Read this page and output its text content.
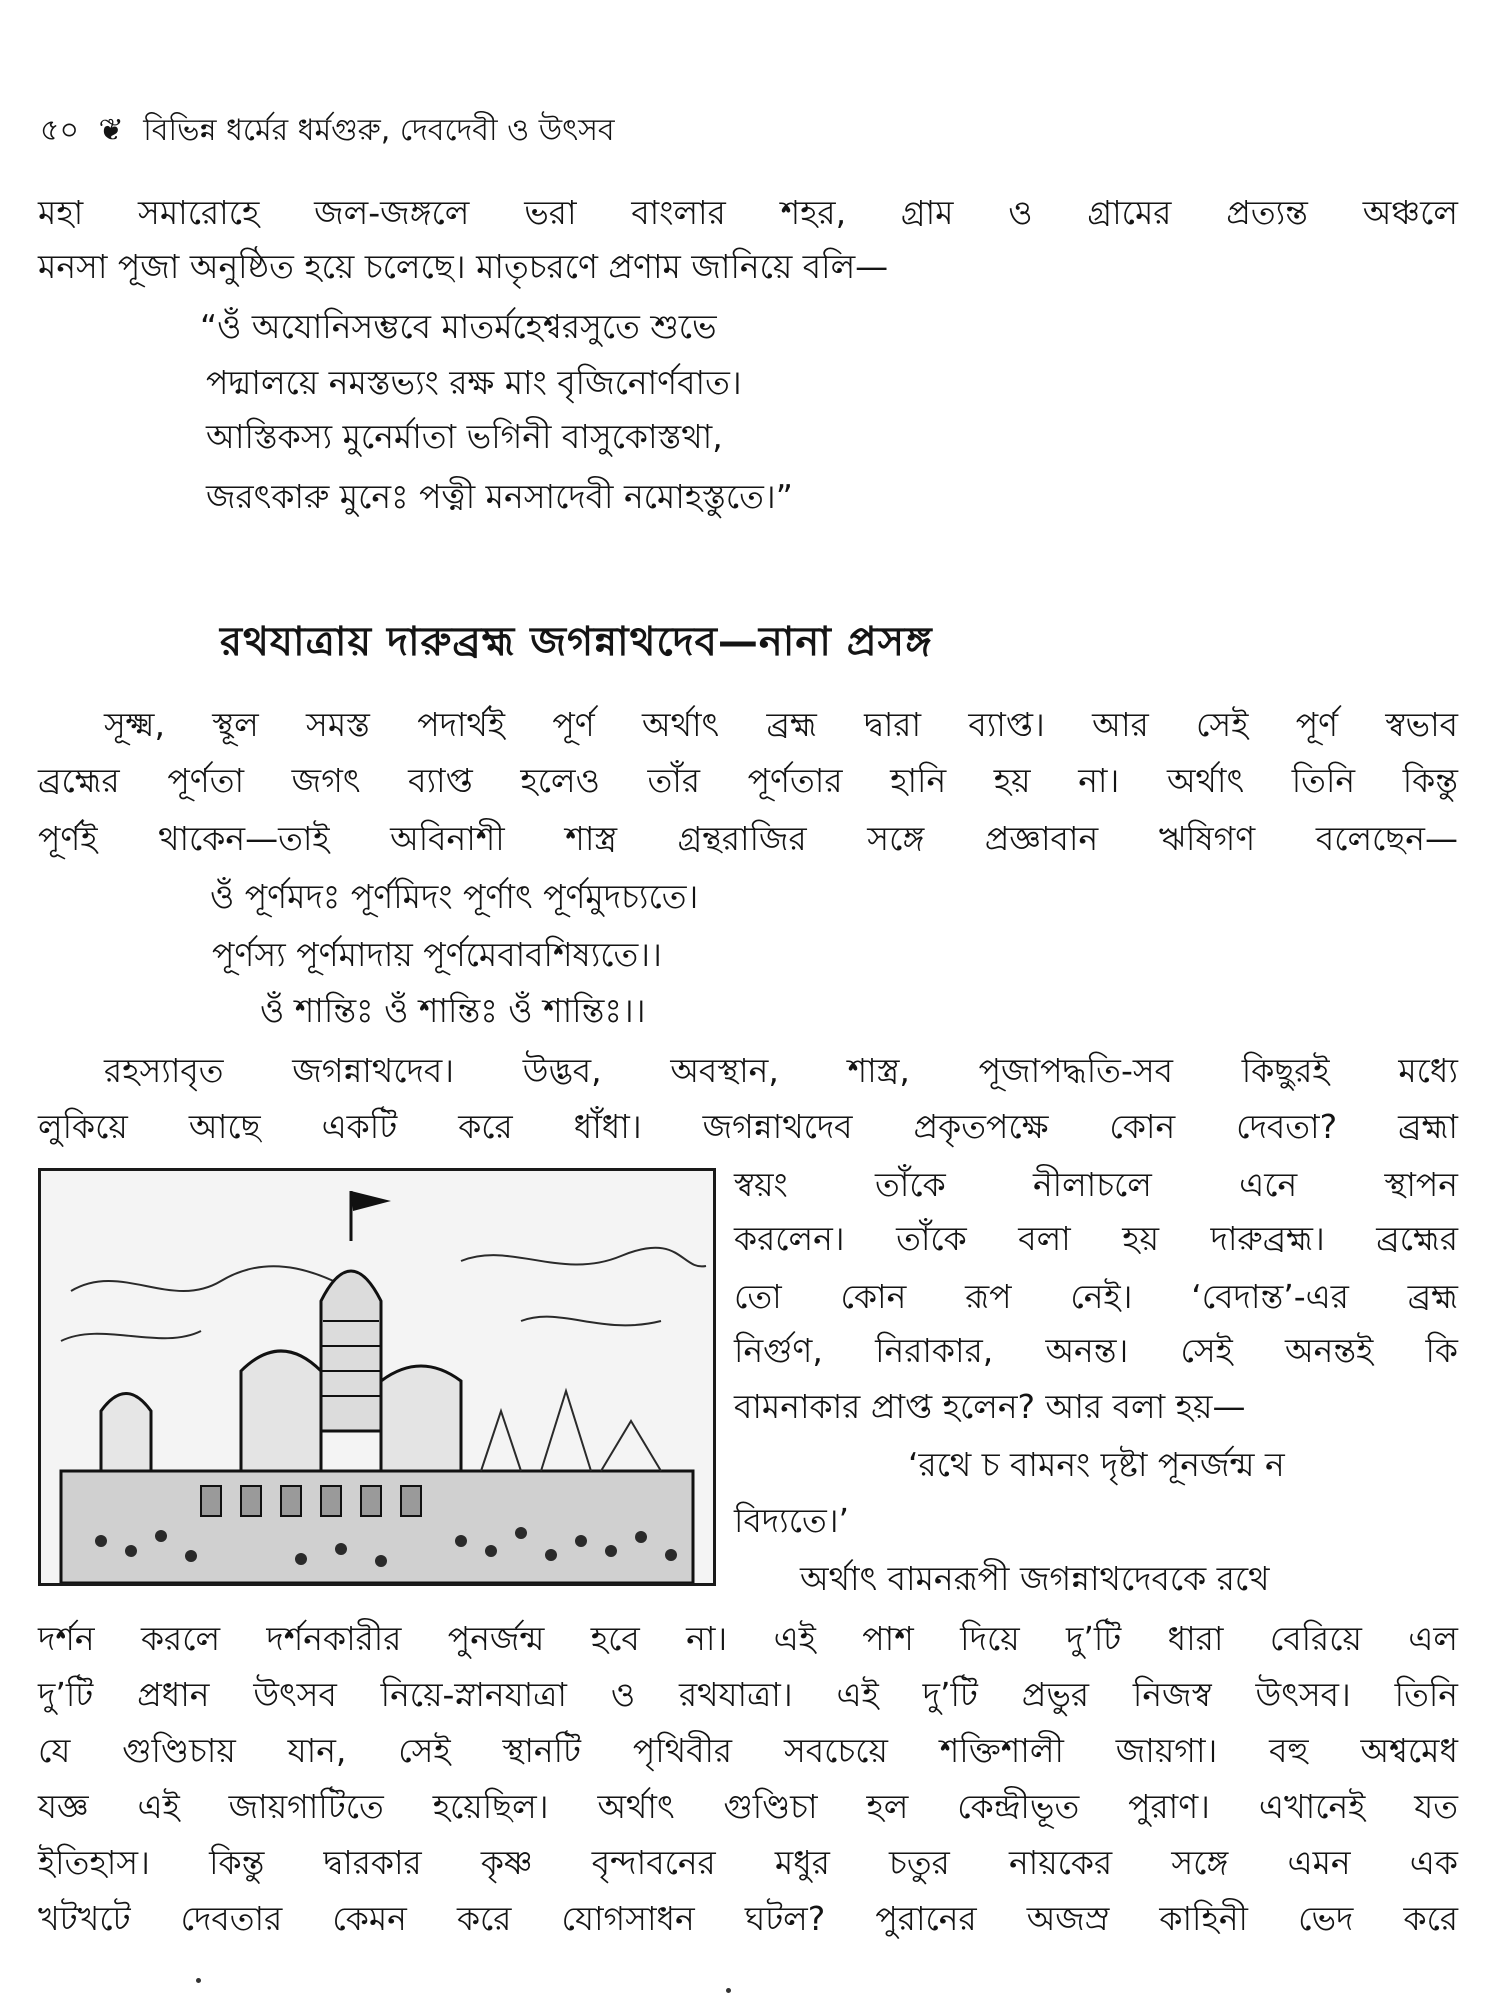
৫০ ❦ বিভিন্ন ধর্মের ধর্মগুরু, দেবদেবী ও উৎসব
মহা সমারোহে জল-জঙ্গলে ভরা বাংলার শহর, গ্রাম ও গ্রামের প্রত্যন্ত অঞ্চলে
মনসা পূজা অনুষ্ঠিত হয়ে চলেছে। মাতৃচরণে প্রণাম জানিয়ে বলি—
“ওঁ অযোনিসম্ভবে মাতর্মহেশ্বরসুতে শুভে
পদ্মালয়ে নমস্তভ্যং রক্ষ মাং বৃজিনোর্ণবাত।
আস্তিকস্য মুনের্মাতা ভগিনী বাসুকোস্তথা,
জরৎকারু মুনেঃ পত্নী মনসাদেবী নমোহস্তুতে।”
রথযাত্রায় দারুব্রহ্ম জগন্নাথদেব—নানা প্রসঙ্গ
সূক্ষ্ম, স্থূল সমস্ত পদার্থই পূর্ণ অর্থাৎ ব্রহ্ম দ্বারা ব্যাপ্ত। আর সেই পূর্ণ স্বভাব
ব্রহ্মের পূর্ণতা জগৎ ব্যাপ্ত হলেও তাঁর পূর্ণতার হানি হয় না। অর্থাৎ তিনি কিন্তু
পূর্ণই থাকেন—তাই অবিনাশী শাস্ত্র গ্রন্থরাজির সঙ্গে প্রজ্ঞাবান ঋষিগণ বলেছেন—
ওঁ পূর্ণমদঃ পূর্ণমিদং পূর্ণাৎ পূর্ণমুদচ্যতে।
পূর্ণস্য পূর্ণমাদায় পূর্ণমেবাবশিষ্যতে।।
ওঁ শান্তিঃ ওঁ শান্তিঃ ওঁ শান্তিঃ।।
রহস্যাবৃত জগন্নাথদেব। উদ্ভব, অবস্থান, শাস্ত্র, পূজাপদ্ধতি-সব কিছুরই মধ্যে
লুকিয়ে আছে একটি করে ধাঁধা। জগন্নাথদেব প্রকৃতপক্ষে কোন দেবতা? ব্রহ্মা
স্বয়ং তাঁকে নীলাচলে এনে স্থাপন
করলেন। তাঁকে বলা হয় দারুব্রহ্ম। ব্রহ্মের
তো কোন রূপ নেই। ‘বেদান্ত’-এর ব্রহ্ম
নির্গুণ, নিরাকার, অনন্ত। সেই অনন্তই কি
বামনাকার প্রাপ্ত হলেন? আর বলা হয়—
‘রথে চ বামনং দৃষ্টা পূনর্জন্ম ন
বিদ্যতে।’
অর্থাৎ বামনরূপী জগন্নাথদেবকে রথে
দর্শন করলে দর্শনকারীর পুনর্জন্ম হবে না। এই পাশ দিয়ে দু’টি ধারা বেরিয়ে এল
দু’টি প্রধান উৎসব নিয়ে-স্নানযাত্রা ও রথযাত্রা। এই দু’টি প্রভুর নিজস্ব উৎসব। তিনি
যে গুণ্ডিচায় যান, সেই স্থানটি পৃথিবীর সবচেয়ে শক্তিশালী জায়গা। বহু অশ্বমেধ
যজ্ঞ এই জায়গাটিতে হয়েছিল। অর্থাৎ গুণ্ডিচা হল কেন্দ্রীভূত পুরাণ। এখানেই যত
ইতিহাস। কিন্তু দ্বারকার কৃষ্ণ বৃন্দাবনের মধুর চতুর নায়কের সঙ্গে এমন এক
খটখটে দেবতার কেমন করে যোগসাধন ঘটল? পুরানের অজস্র কাহিনী ভেদ করে
